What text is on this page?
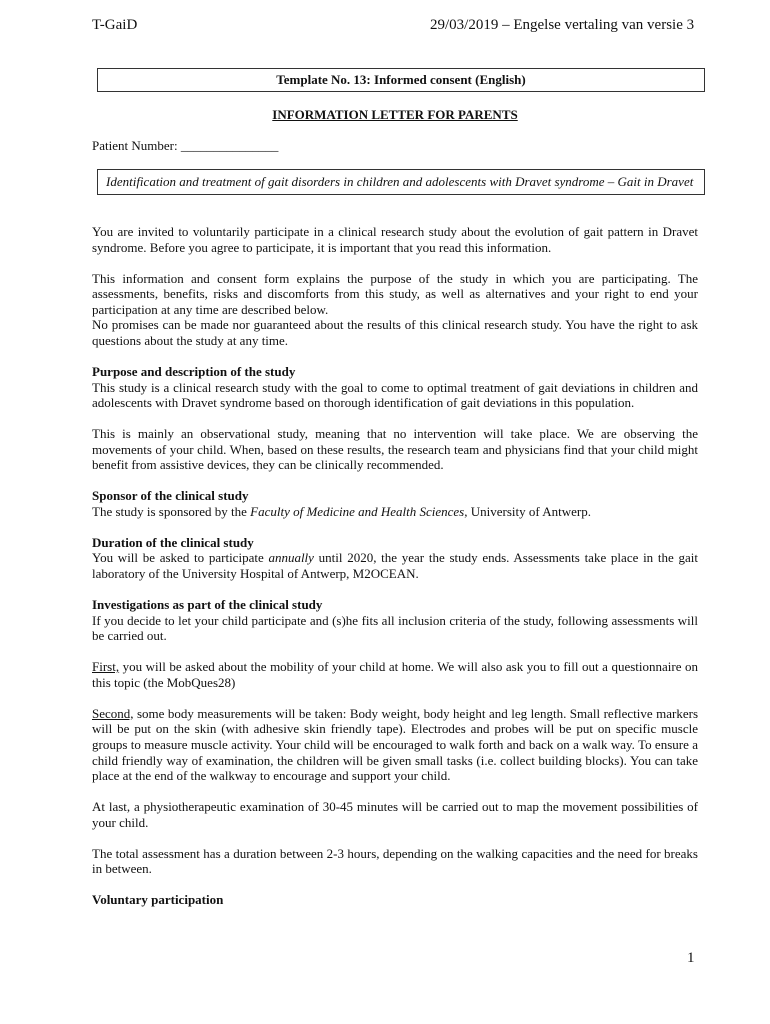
T-GaiD	29/03/2019 – Engelse vertaling van versie 3
Template No. 13: Informed consent (English)
INFORMATION LETTER FOR PARENTS
Patient Number: _______________
Identification and treatment of gait disorders in children and adolescents with Dravet syndrome – Gait in Dravet

You are invited to voluntarily participate in a clinical research study about the evolution of gait pattern in Dravet syndrome. Before you agree to participate, it is important that you read this information.

This information and consent form explains the purpose of the study in which you are participating. The assessments, benefits, risks and discomforts from this study, as well as alternatives and your right to end your participation at any time are described below.

No promises can be made nor guaranteed about the results of this clinical research study. You have the right to ask questions about the study at any time.

Purpose and description of the study

This study is a clinical research study with the goal to come to optimal treatment of gait deviations in children and adolescents with Dravet syndrome based on thorough identification of gait deviations in this population.

This is mainly an observational study, meaning that no intervention will take place. We are observing the movements of your child. When, based on these results, the research team and physicians find that your child might benefit from assistive devices, they can be clinically recommended.

Sponsor of the clinical study

The study is sponsored by the Faculty of Medicine and Health Sciences, University of Antwerp.

Duration of the clinical study

You will be asked to participate annually until 2020, the year the study ends. Assessments take place in the gait laboratory of the University Hospital of Antwerp, M2OCEAN.

Investigations as part of the clinical study

If you decide to let your child participate and (s)he fits all inclusion criteria of the study, following assessments will be carried out.

First, you will be asked about the mobility of your child at home. We will also ask you to fill out a questionnaire on this topic (the MobQues28)

Second, some body measurements will be taken: Body weight, body height and leg length. Small reflective markers will be put on the skin (with adhesive skin friendly tape). Electrodes and probes will be put on specific muscle groups to measure muscle activity. Your child will be encouraged to walk forth and back on a walk way. To ensure a child friendly way of examination, the children will be given small tasks (i.e. collect building blocks). You can take place at the end of the walkway to encourage and support your child.

At last, a physiotherapeutic examination of 30-45 minutes will be carried out to map the movement possibilities of your child.

The total assessment has a duration between 2-3 hours, depending on the walking capacities and the need for breaks in between.

Voluntary participation
1
